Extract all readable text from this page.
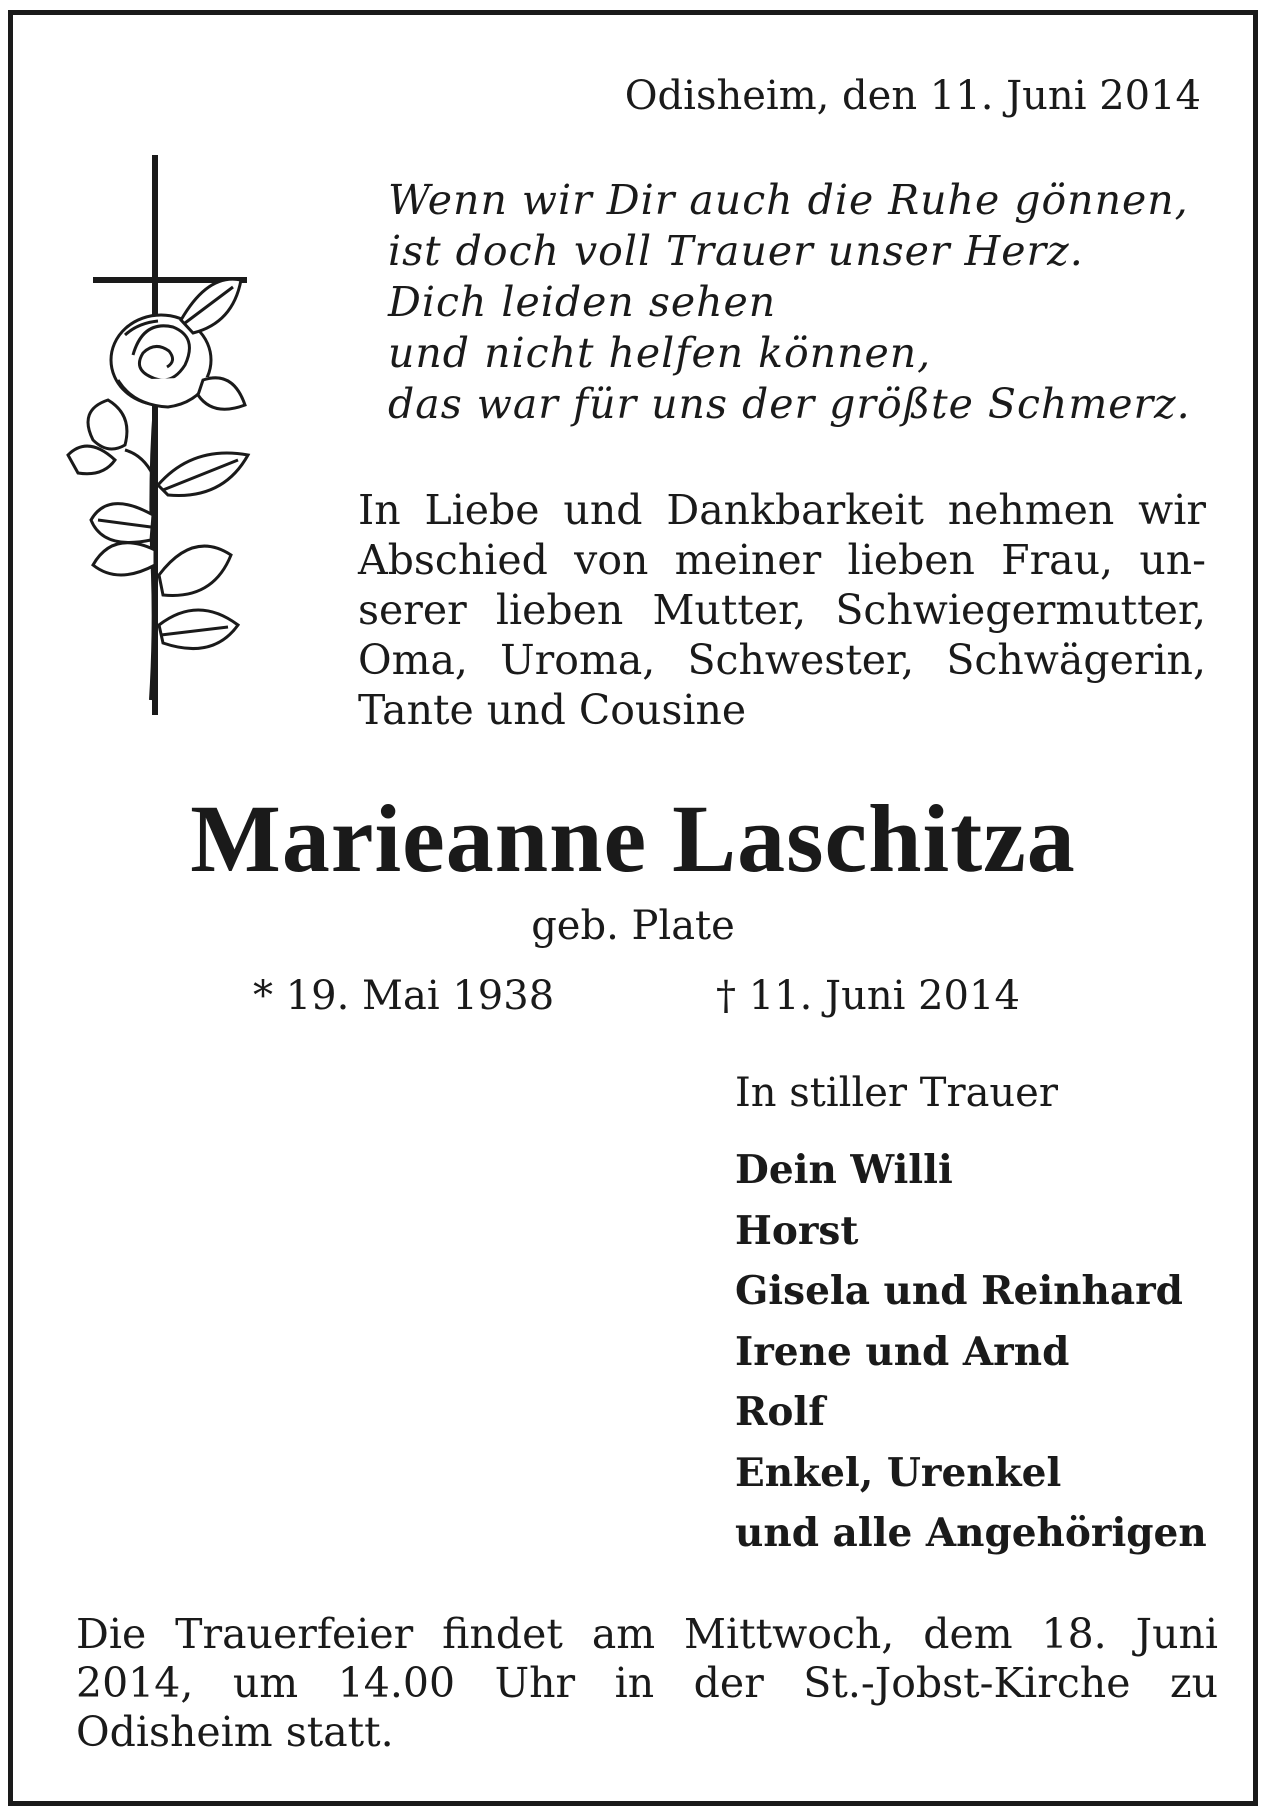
Odisheim, den 11. Juni 2014
Wenn wir Dir auch die Ruhe gönnen,
ist doch voll Trauer unser Herz.
Dich leiden sehen
und nicht helfen können,
das war für uns der größte Schmerz.
In Liebe und Dankbarkeit nehmen wir
Abschied von meiner lieben Frau, un-
serer lieben Mutter, Schwiegermutter,
Oma, Uroma, Schwester, Schwägerin,
Tante und Cousine
Marieanne Laschitza
geb. Plate
* 19. Mai 1938	† 11. Juni 2014
In stiller Trauer
Dein Willi
Horst
Gisela und Reinhard
Irene und Arnd
Rolf
Enkel, Urenkel
und alle Angehörigen
Die Trauerfeier findet am Mittwoch, dem 18. Juni
2014, um 14.00 Uhr in der St.-Jobst-Kirche zu
Odisheim statt.
